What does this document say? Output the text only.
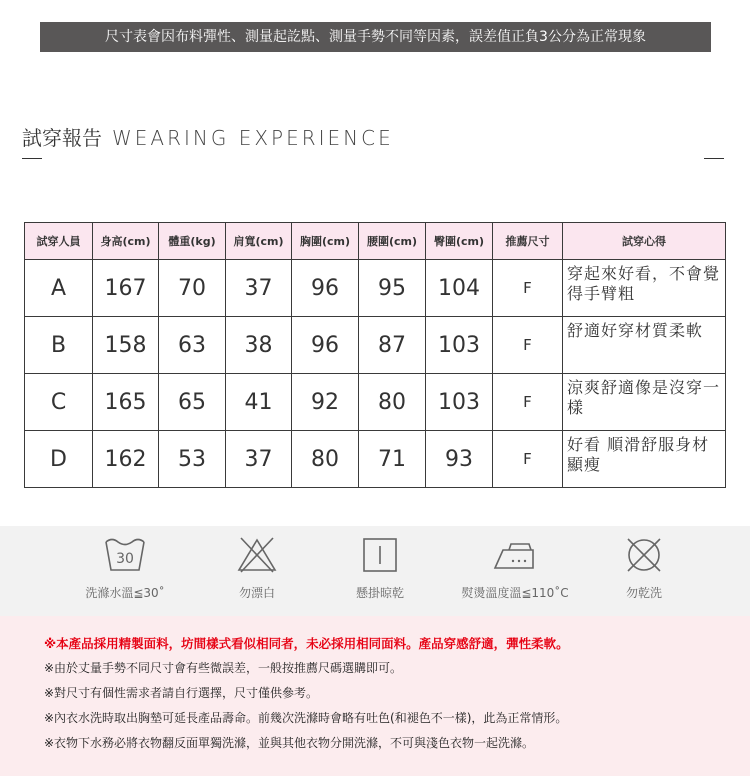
尺寸表會因布料彈性、測量起訖點、測量手勢不同等因素，誤差值正負3公分為正常現象
試穿報告 WEARING EXPERIENCE
試穿人員	身高(cm)	體重(kg)	肩寬(cm)	胸圍(cm)	腰圍(cm)	臀圍(cm)	推薦尺寸	試穿心得
A	167	70	37	96	95	104	F	穿起來好看，不會覺得手臂粗
B	158	63	38	96	87	103	F	舒適好穿材質柔軟
C	165	65	41	92	80	103	F	涼爽舒適像是沒穿一樣
D	162	53	37	80	71	93	F	好看 順滑舒服身材顯瘦
30
洗滌水溫≦30˚	勿漂白	懸掛晾乾	熨燙溫度溫≦110˚C	勿乾洗

※本產品採用精製面料，坊間樣式看似相同者，未必採用相同面料。產品穿感舒適，彈性柔軟。

※由於丈量手勢不同尺寸會有些微誤差，一般按推薦尺碼選購即可。

※對尺寸有個性需求者請自行選擇，尺寸僅供參考。

※內衣水洗時取出胸墊可延長產品壽命。前幾次洗滌時會略有吐色(和褪色不一樣)，此為正常情形。

※衣物下水務必將衣物翻反面單獨洗滌，並與其他衣物分開洗滌，不可與淺色衣物一起洗滌。
